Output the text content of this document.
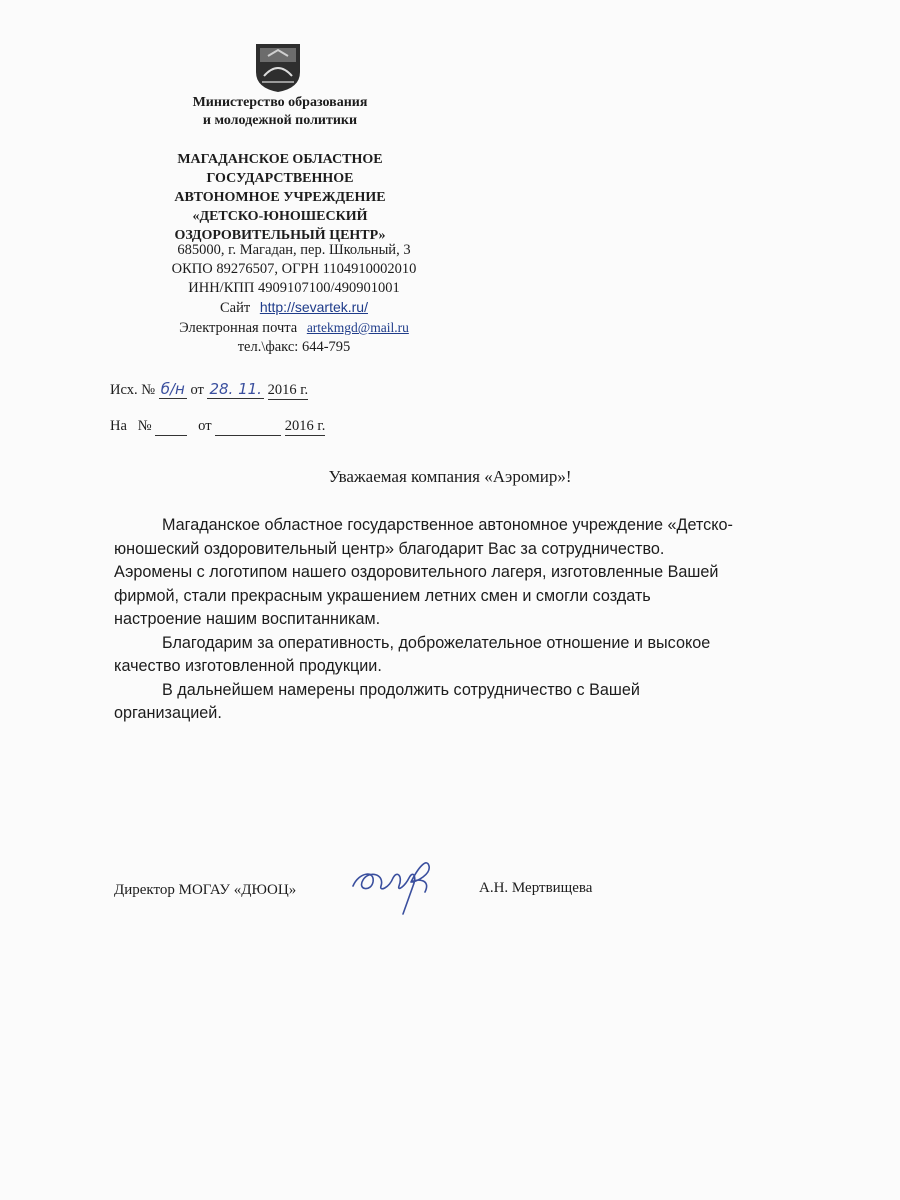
Министерство образования
и молодежной политики
МАГАДАНСКОЕ ОБЛАСТНОЕ
ГОСУДАРСТВЕННОЕ
АВТОНОМНОЕ УЧРЕЖДЕНИЕ
«ДЕТСКО-ЮНОШЕСКИЙ
ОЗДОРОВИТЕЛЬНЫЙ ЦЕНТР»
685000, г. Магадан, пер. Школьный, 3
ОКПО 89276507, ОГРН 1104910002010
ИНН/КПП 4909107100/490901001
Сайт http://sevartek.ru/
Электронная почта artekmgd@mail.ru
тел.\факс: 644-795
Исх. № б/н от 28. 11. 2016 г.
На №	от	2016 г.
Уважаемая компания «Аэромир»!

Магаданское областное государственное автономное учреждение «Детско-юношеский оздоровительный центр» благодарит Вас за сотрудничество. Аэромены с логотипом нашего оздоровительного лагеря, изготовленные Вашей фирмой, стали прекрасным украшением летних смен и смогли создать настроение нашим воспитанникам.

Благодарим за оперативность, доброжелательное отношение и высокое качество изготовленной продукции.

В дальнейшем намерены продолжить сотрудничество с Вашей организацией.

Директор МОГАУ «ДЮОЦ»	А.Н. Мертвищева
